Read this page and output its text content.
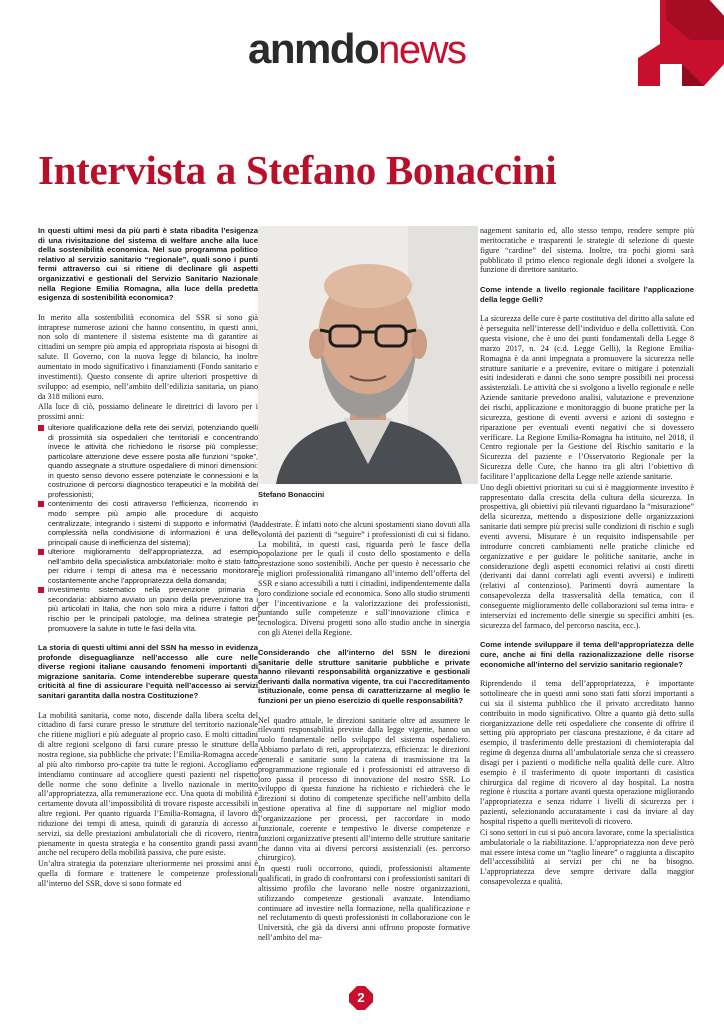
anmdonews
Intervista a Stefano Bonaccini

In questi ultimi mesi da più parti è stata ribadita l’esigenza di una rivisitazione del sistema di welfare anche alla luce della sostenibilità economica. Nel suo programma politico relativo al servizio sanitario “regionale”, quali sono i punti fermi attraverso cui si ritiene di declinare gli aspetti organizzativi e gestionali del Servizio Sanitario Nazionale nella Regione Emilia Romagna, alla luce della predetta esigenza di sostenibilità economica?

In merito alla sostenibilità economica del SSR si sono già intraprese numerose azioni che hanno consentito, in questi anni, non solo di mantenere il sistema esistente ma di garantire ai cittadini un sempre più ampia ed appropriata risposta ai bisogni di salute. Il Governo, con la nuova legge di bilancio, ha inoltre aumentato in modo significativo i finanziamenti (Fondo sanitario e investimenti). Questo consente di aprire ulteriori prospettive di sviluppo: ad esempio, nell’ambito dell’edilizia sanitaria, un piano da 318 milioni euro.

Alla luce di ciò, possiamo delineare le direttrici di lavoro per i prossimi anni:

ulteriore qualificazione della rete dei servizi, potenziando quelli di prossimità sia ospedalieri che territoriali e concentrando invece le attività che richiedono le risorse più complesse; particolare attenzione deve essere posta alle funzioni “spoke”, quando assegnate a strutture ospedaliere di minori dimensioni: in questo senso devono essere potenziate le connessioni e la costruzione di percorsi diagnostico terapeutici e la mobilità dei professionisti;
contenimento dei costi attraverso l’efficienza, ricorrendo in modo sempre più ampio alle procedure di acquisto centralizzate, integrando i sistemi di supporto e informativi (la complessità nella condivisione di informazioni è una delle principali cause di inefficienza del sistema);
ulteriore miglioramento dell’appropriatezza, ad esempio nell’ambito della specialistica ambulatoriale: molto è stato fatto per ridurre i tempi di attesa ma è necessario monitorare costantemente anche l’appropriatezza della domanda;
investimento sistematico nella prevenzione primaria e secondaria: abbiamo avviato un piano della prevenzione tra i più articolati in Italia, che non solo mira a ridurre i fattori di rischio per le principali patologie, ma delinea strategie per promuovere la salute in tutte le fasi della vita.

La storia di questi ultimi anni del SSN ha messo in evidenza profonde diseguaglianze nell’accesso alle cure nelle diverse regioni italiane causando fenomeni importanti di migrazione sanitaria. Come intenderebbe superare questa criticità al fine di assicurare l’equità nell’accesso ai servizi sanitari garantita dalla nostra Costituzione?

La mobilità sanitaria, come noto, discende dalla libera scelta del cittadino di farsi curare presso le strutture del territorio nazionale che ritiene migliori e più adeguate al proprio caso. E molti cittadini di altre regioni scelgono di farsi curare presso le strutture della nostra regione, sia pubbliche che private: l’Emilia-Romagna accede al più alto rimborso pro-capite tra tutte le regioni. Accogliamo ed intendiamo continuare ad accogliere questi pazienti nel rispetto delle norme che sono definite a livello nazionale in merito all’appropriatezza, alla remunerazione ecc. Una quota di mobilità è certamente dovuta all’impossibilità di trovare risposte accessibili in altre regioni. Per quanto riguarda l’Emilia-Romagna, il lavoro di riduzione dei tempi di attesa, quindi di garanzia di accesso ai servizi, sia delle prestazioni ambulatoriali che di ricovero, rientra pienamente in questa strategia e ha consentito grandi passi avanti anche nel recupero della mobilità passiva, che pure esiste.

Un’altra strategia da potenziare ulteriormente nei prossimi anni è quella di formare e trattenere le competenze professionali all’interno del SSR, dove si sono formate ed

Stefano Bonaccini

addestrate. È infatti noto che alcuni spostamenti siano dovuti alla volontà dei pazienti di “seguire” i professionisti di cui si fidano. La mobilità, in questi casi, riguarda però le fasce della popolazione per le quali il costo dello spostamento e della prestazione sono sostenibili. Anche per questo è necessario che le migliori professionalità rimangano all’interno dell’offerta del SSR e siano accessibili a tutti i cittadini, indipendentemente dalla loro condizione sociale ed economica. Sono allo studio strumenti per l’incentivazione e la valorizzazione dei professionisti, puntando sulle competenze e sull’innovazione clinica e tecnologica. Diversi progetti sono allo studio anche in sinergia con gli Atenei della Regione.

Considerando che all’interno del SSN le direzioni sanitarie delle strutture sanitarie pubbliche e private hanno rilevanti responsabilità organizzative e gestionali derivanti dalla normativa vigente, tra cui l’accreditamento istituzionale, come pensa di caratterizzarne al meglio le funzioni per un pieno esercizio di quelle responsabilità?

Nel quadro attuale, le direzioni sanitarie oltre ad assumere le rilevanti responsabilità previste dalla legge vigente, hanno un ruolo fondamentale nello sviluppo del sistema ospedaliero. Abbiamo parlato di reti, appropriatezza, efficienza: le direzioni generali e sanitarie sono la catena di trasmissione tra la programmazione regionale ed i professionisti ed attraverso di loro passa il processo di innovazione del nostro SSR. Lo sviluppo di questa funzione ha richiesto e richiederà che le direzioni si dotino di competenze specifiche nell’ambito della gestione operativa al fine di supportare nel miglior modo l’organizzazione per processi, per raccordare in modo funzionale, coerente e tempestivo le diverse competenze e funzioni organizzative presenti all’interno delle strutture sanitarie che danno vita ai diversi percorsi assistenziali (es. percorso chirurgico).

In questi ruoli occorrono, quindi, professionisti altamente qualificati, in grado di confrontarsi con i professionisti sanitari di altissimo profilo che lavorano nelle nostre organizzazioni, utilizzando competenze gestionali avanzate. Intendiamo continuare ad investire nella formazione, nella qualificazione e nel reclutamento di questi professionisti in collaborazione con le Università, che già da diversi anni offrono proposte formative nell’ambito del ma-

nagement sanitario ed, allo stesso tempo, rendere sempre più meritocratiche e trasparenti le strategie di selezione di queste figure “cardine” del sistema. Inoltre, tra pochi giorni sarà pubblicato il primo elenco regionale degli idonei a svolgere la funzione di direttore sanitario.

Come intende a livello regionale facilitare l’applicazione della legge Gelli?

La sicurezza delle cure è parte costitutiva del diritto alla salute ed è perseguita nell’interesse dell’individuo e della collettività. Con questa visione, che è uno dei punti fondamentali della Legge 8 marzo 2017, n. 24 (c.d. Legge Gelli), la Regione Emilia-Romagna è da anni impegnata a promuovere la sicurezza nelle strutture sanitarie e a prevenire, evitare o mitigare i potenziali esiti indesiderati e danni che sono sempre possibili nei processi assistenziali. Le attività che si svolgono a livello regionale e nelle Aziende sanitarie prevedono analisi, valutazione e prevenzione dei rischi, applicazione e monitoraggio di buone pratiche per la sicurezza, gestione di eventi avversi e azioni di sostegno e riparazione per eventuali eventi negativi che si dovessero verificare. La Regione Emilia-Romagna ha istituito, nel 2018, il Centro regionale per la Gestione del Rischio sanitario e la Sicurezza del paziente e l’Osservatorio Regionale per la Sicurezza delle Cure, che hanno tra gli altri l’obiettivo di facilitare l’applicazione della Legge nelle aziende sanitarie.

Uno degli obiettivi prioritari su cui si è maggiormente investito è rappresentato dalla crescita della cultura della sicurezza. In prospettiva, gli obiettivi più rilevanti riguardano la “misurazione” della sicurezza, mettendo a disposizione delle organizzazioni sanitarie dati sempre più precisi sulle condizioni di rischio e sugli eventi avversi. Misurare è un requisito indispensabile per introdurre concreti cambiamenti nelle pratiche cliniche ed organizzative e per guidare le politiche sanitarie, anche in considerazione degli aspetti economici relativi ai costi diretti (derivanti dai danni correlati agli eventi avversi) e indiretti (relativi al contenzioso). Parimenti dovrà aumentare la consapevolezza della trasversalità della tematica, con il conseguente miglioramento delle collaborazioni sul tema intra- e interservizi ed incremento delle sinergie su specifici ambiti (es. sicurezza del farmaco, del percorso nascita, ecc.).

Come intende sviluppare il tema dell’appropriatezza delle cure, anche ai fini della razionalizzazione delle risorse economiche all’interno del servizio sanitario regionale?

Riprendendo il tema dell’appropriatezza, è importante sottolineare che in questi anni sono stati fatti sforzi importanti a cui sia il sistema pubblico che il privato accreditato hanno contribuito in modo significativo. Oltre a quanto già detto sulla riorganizzazione delle reti ospedaliere che consente di offrire il setting più appropriato per ciascuna prestazione, è da citare ad esempio, il trasferimento delle prestazioni di chemioterapia dal regime di degenza diurna all’ambulatoriale senza che si creassero disagi per i pazienti o modifiche nella qualità delle cure. Altro esempio è il trasferimento di quote importanti di casistica chirurgica dal regime di ricovero al day hospital. La nostra regione è riuscita a portare avanti questa operazione migliorando l’appropriatezza e senza ridurre i livelli di sicurezza per i pazienti, selezionando accuratamente i casi da inviare al day hospital rispetto a quelli meritevoli di ricovero.

Ci sono settori in cui si può ancora lavorare, come la specialistica ambulatoriale o la riabilitazione. L’appropriatezza non deve però mai essere intesa come un “taglio lineare” o raggiunta a discapito dell’accessibilità ai servizi per chi ne ha bisogno. L’appropriatezza deve sempre derivare dalla maggior consapevolezza e qualità.

2
